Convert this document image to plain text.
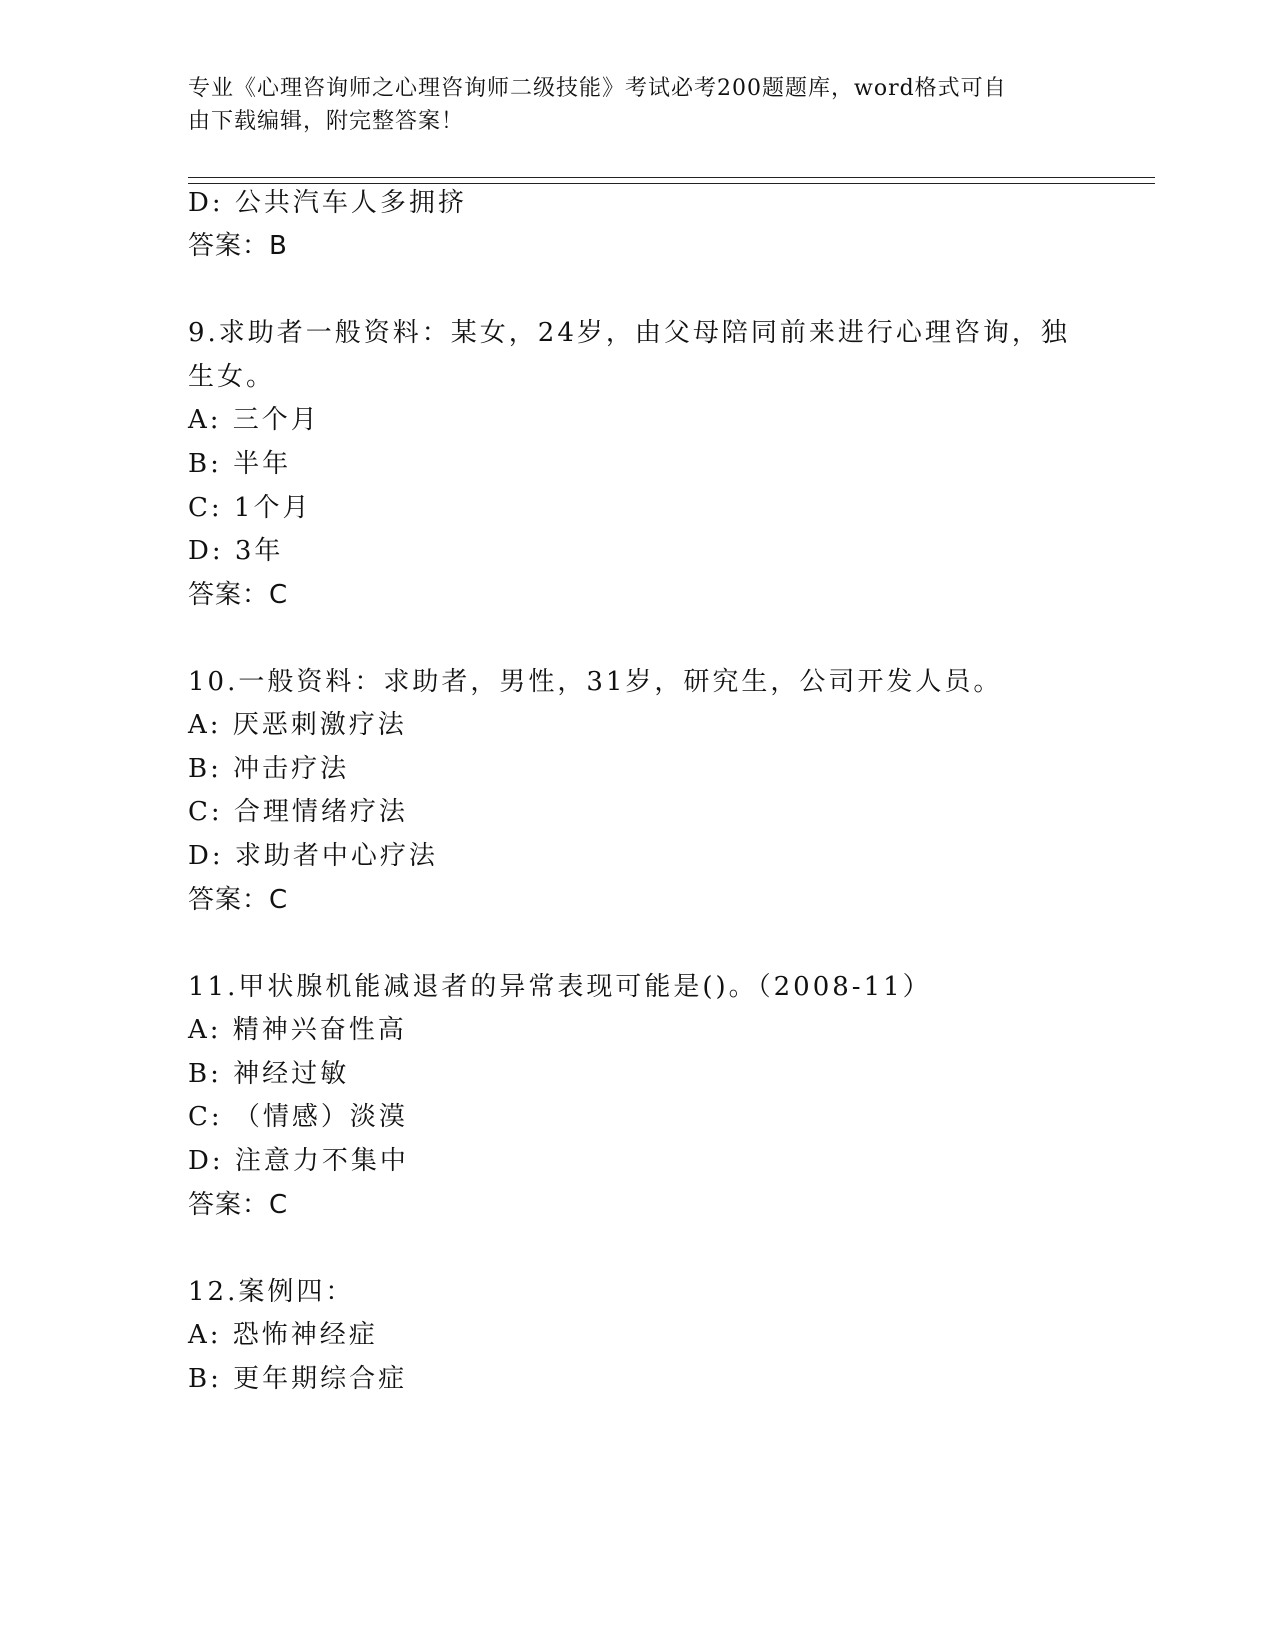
专业《心理咨询师之心理咨询师二级技能》考试必考200题题库，word格式可自
由下载编辑，附完整答案！
D: 公共汽车人多拥挤
答案：B
9.求助者一般资料：某女，24岁，由父母陪同前来进行心理咨询，独
生女。
A: 三个月
B: 半年
C: 1个月
D: 3年
答案：C
10.一般资料：求助者，男性，31岁，研究生，公司开发人员。
A: 厌恶刺激疗法
B: 冲击疗法
C: 合理情绪疗法
D: 求助者中心疗法
答案：C
11.甲状腺机能减退者的异常表现可能是()。（2008-11）
A: 精神兴奋性高
B: 神经过敏
C: （情感）淡漠
D: 注意力不集中
答案：C
12.案例四：
A: 恐怖神经症
B: 更年期综合症
